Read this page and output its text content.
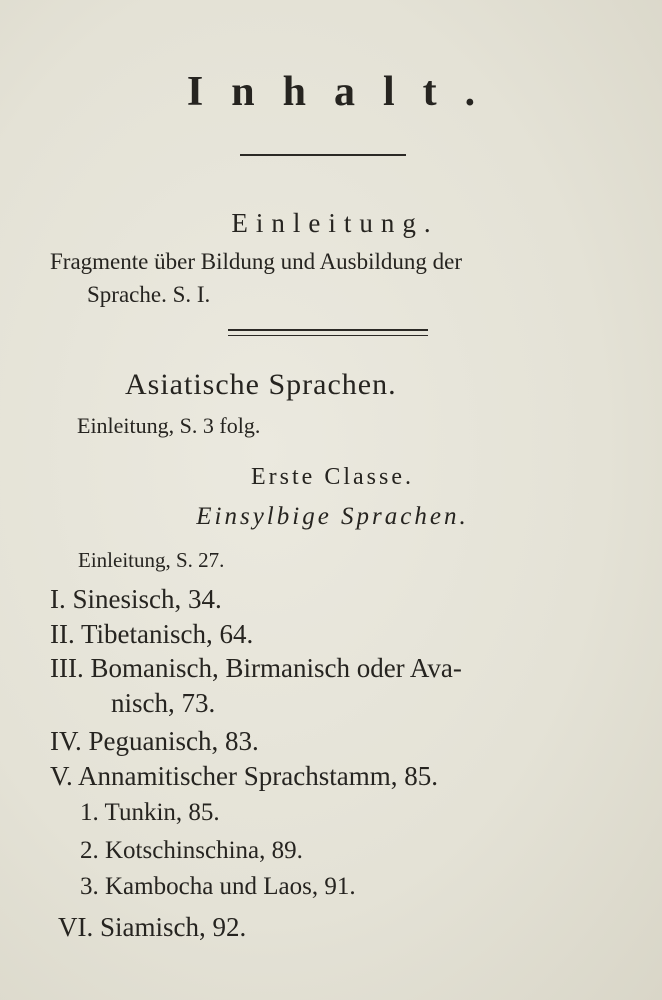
Inhalt.
Einleitung.
Fragmente über Bildung und Ausbildung der
Sprache. S. I.
Asiatische Sprachen.
Einleitung, S. 3 folg.
Erste Classe.
Einsylbige Sprachen.
Einleitung, S. 27.
I. Sinesisch, 34.
II. Tibetanisch, 64.
III. Bomanisch, Birmanisch oder Ava-
nisch, 73.
IV. Peguanisch, 83.
V. Annamitischer Sprachstamm, 85.
1. Tunkin, 85.
2. Kotschinschina, 89.
3. Kambocha und Laos, 91.
VI. Siamisch, 92.
